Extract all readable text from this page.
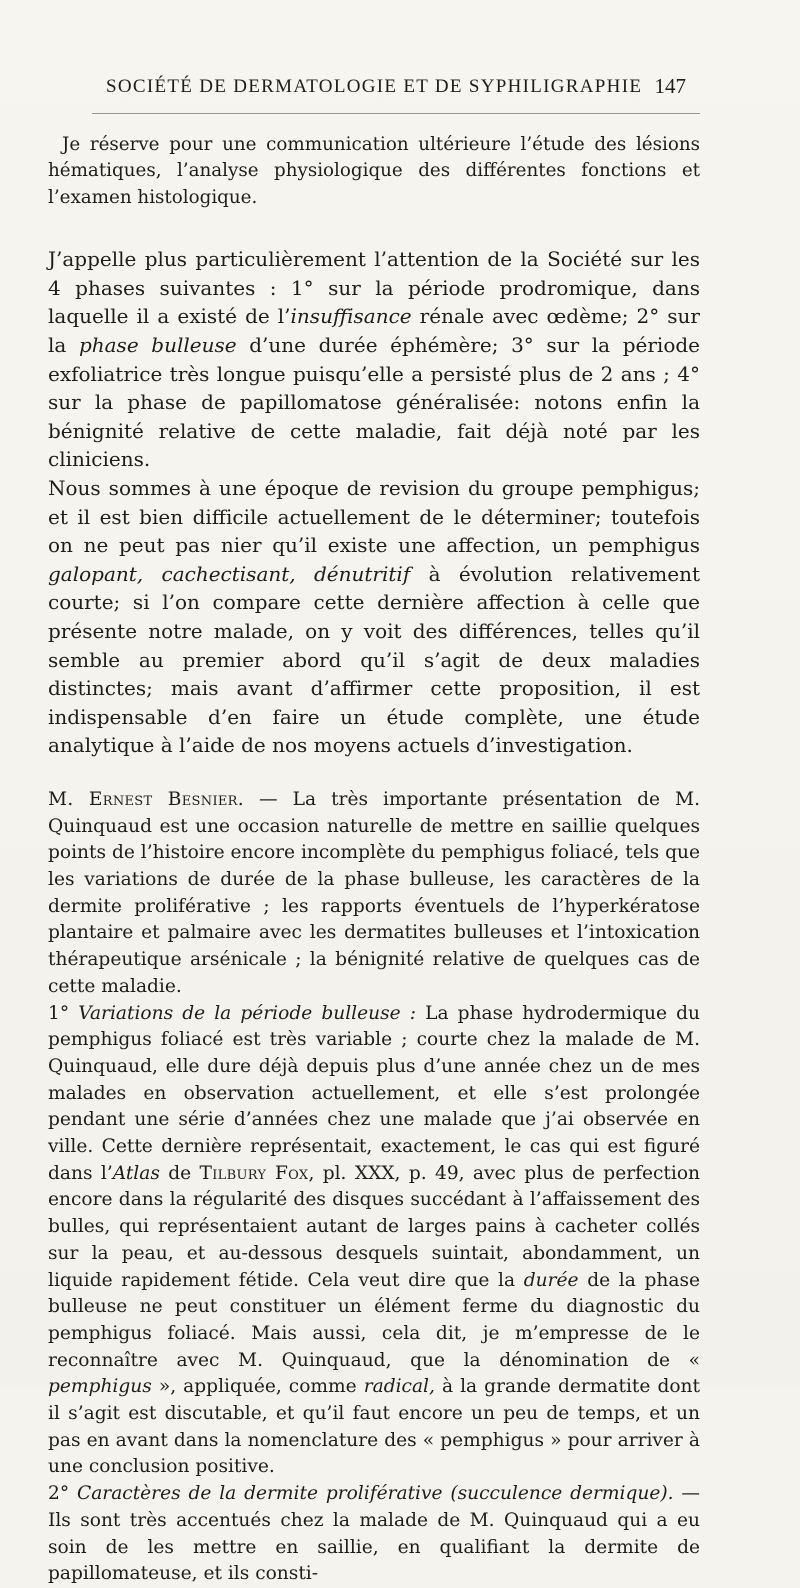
SOCIÉTÉ DE DERMATOLOGIE ET DE SYPHILIGRAPHIE 147

Je réserve pour une communication ultérieure l’étude des lésions hématiques, l’analyse physiologique des différentes fonctions et l’examen histologique.

J’appelle plus particulièrement l’attention de la Société sur les 4 phases suivantes : 1° sur la période prodromique, dans laquelle il a existé de l’insuffisance rénale avec œdème; 2° sur la phase bulleuse d’une durée éphémère; 3° sur la période exfoliatrice très longue puisqu’elle a persisté plus de 2 ans ; 4° sur la phase de papillomatose généralisée: notons enfin la bénignité relative de cette maladie, fait déjà noté par les cliniciens.

Nous sommes à une époque de revision du groupe pemphigus; et il est bien difficile actuellement de le déterminer; toutefois on ne peut pas nier qu’il existe une affection, un pemphigus galopant, cachectisant, dénutritif à évolution relativement courte; si l’on compare cette dernière affection à celle que présente notre malade, on y voit des différences, telles qu’il semble au premier abord qu’il s’agit de deux maladies distinctes; mais avant d’affirmer cette proposition, il est indispensable d’en faire un étude complète, une étude analytique à l’aide de nos moyens actuels d’investigation.

M. Ernest Besnier. — La très importante présentation de M. Quinquaud est une occasion naturelle de mettre en saillie quelques points de l’histoire encore incomplète du pemphigus foliacé, tels que les variations de durée de la phase bulleuse, les caractères de la dermite proliférative ; les rapports éventuels de l’hyperkératose plantaire et palmaire avec les dermatites bulleuses et l’intoxication thérapeutique arsénicale ; la bénignité relative de quelques cas de cette maladie.

1° Variations de la période bulleuse : La phase hydrodermique du pemphigus foliacé est très variable ; courte chez la malade de M. Quinquaud, elle dure déjà depuis plus d’une année chez un de mes malades en observation actuellement, et elle s’est prolongée pendant une série d’années chez une malade que j’ai observée en ville. Cette dernière représentait, exactement, le cas qui est figuré dans l’Atlas de Tilbury Fox, pl. XXX, p. 49, avec plus de perfection encore dans la régularité des disques succédant à l’affaissement des bulles, qui représentaient autant de larges pains à cacheter collés sur la peau, et au-dessous desquels suintait, abondamment, un liquide rapidement fétide. Cela veut dire que la durée de la phase bulleuse ne peut constituer un élément ferme du diagnostic du pemphigus foliacé. Mais aussi, cela dit, je m’empresse de le reconnaître avec M. Quinquaud, que la dénomination de « pemphigus », appliquée, comme radical, à la grande dermatite dont il s’agit est discutable, et qu’il faut encore un peu de temps, et un pas en avant dans la nomenclature des « pemphigus » pour arriver à une conclusion positive.

2° Caractères de la dermite proliférative (succulence dermique). — Ils sont très accentués chez la malade de M. Quinquaud qui a eu soin de les mettre en saillie, en qualifiant la dermite de papillomateuse, et ils consti-
